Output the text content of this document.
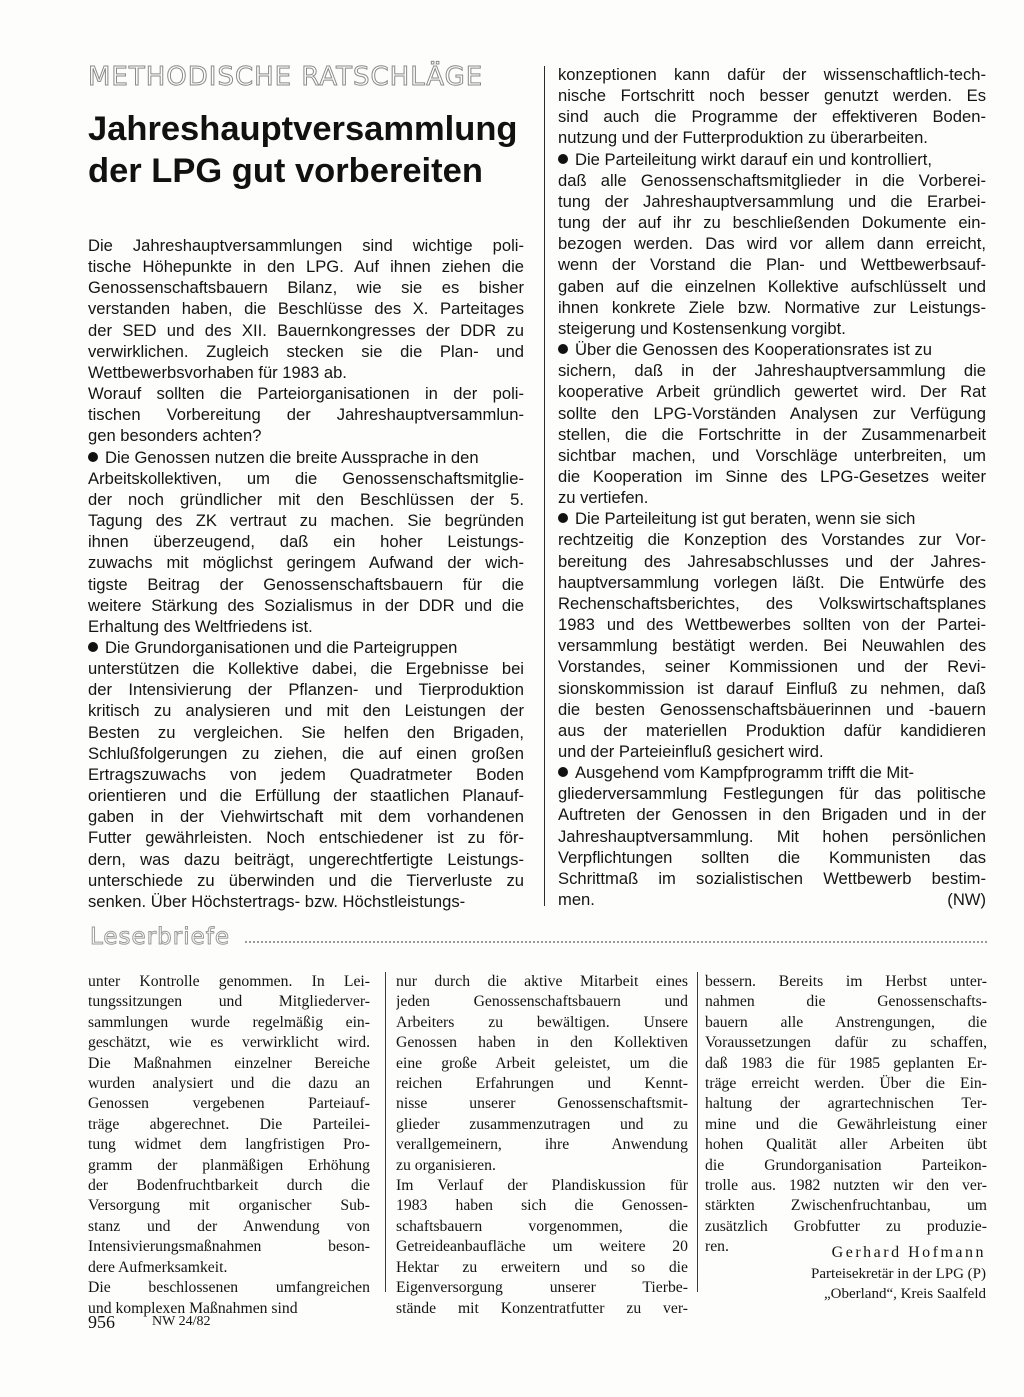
METHODISCHE RATSCHLÄGE
Jahreshauptversammlung
der LPG gut vorbereiten
Die Jahreshauptversammlungen sind wichtige poli-
tische Höhepunkte in den LPG. Auf ihnen ziehen die
Genossenschaftsbauern Bilanz, wie sie es bisher
verstanden haben, die Beschlüsse des X. Parteitages
der SED und des XII. Bauernkongresses der DDR zu
verwirklichen. Zugleich stecken sie die Plan- und
Wettbewerbsvorhaben für 1983 ab.
Worauf sollten die Parteiorganisationen in der poli-
tischen Vorbereitung der Jahreshauptversammlun-
gen besonders achten?
Die Genossen nutzen die breite Aussprache in den
Arbeitskollektiven, um die Genossenschaftsmitglie-
der noch gründlicher mit den Beschlüssen der 5.
Tagung des ZK vertraut zu machen. Sie begründen
ihnen überzeugend, daß ein hoher Leistungs-
zuwachs mit möglichst geringem Aufwand der wich-
tigste Beitrag der Genossenschaftsbauern für die
weitere Stärkung des Sozialismus in der DDR und die
Erhaltung des Weltfriedens ist.
Die Grundorganisationen und die Parteigruppen
unterstützen die Kollektive dabei, die Ergebnisse bei
der Intensivierung der Pflanzen- und Tierproduktion
kritisch zu analysieren und mit den Leistungen der
Besten zu vergleichen. Sie helfen den Brigaden,
Schlußfolgerungen zu ziehen, die auf einen großen
Ertragszuwachs von jedem Quadratmeter Boden
orientieren und die Erfüllung der staatlichen Planauf-
gaben in der Viehwirtschaft mit dem vorhandenen
Futter gewährleisten. Noch entschiedener ist zu för-
dern, was dazu beiträgt, ungerechtfertigte Leistungs-
unterschiede zu überwinden und die Tierverluste zu
senken. Über Höchstertrags- bzw. Höchstleistungs-
konzeptionen kann dafür der wissenschaftlich-tech-
nische Fortschritt noch besser genutzt werden. Es
sind auch die Programme der effektiveren Boden-
nutzung und der Futterproduktion zu überarbeiten.
Die Parteileitung wirkt darauf ein und kontrolliert,
daß alle Genossenschaftsmitglieder in die Vorberei-
tung der Jahreshauptversammlung und die Erarbei-
tung der auf ihr zu beschließenden Dokumente ein-
bezogen werden. Das wird vor allem dann erreicht,
wenn der Vorstand die Plan- und Wettbewerbsauf-
gaben auf die einzelnen Kollektive aufschlüsselt und
ihnen konkrete Ziele bzw. Normative zur Leistungs-
steigerung und Kostensenkung vorgibt.
Über die Genossen des Kooperationsrates ist zu
sichern, daß in der Jahreshauptversammlung die
kooperative Arbeit gründlich gewertet wird. Der Rat
sollte den LPG-Vorständen Analysen zur Verfügung
stellen, die die Fortschritte in der Zusammenarbeit
sichtbar machen, und Vorschläge unterbreiten, um
die Kooperation im Sinne des LPG-Gesetzes weiter
zu vertiefen.
Die Parteileitung ist gut beraten, wenn sie sich
rechtzeitig die Konzeption des Vorstandes zur Vor-
bereitung des Jahresabschlusses und der Jahres-
hauptversammlung vorlegen läßt. Die Entwürfe des
Rechenschaftsberichtes, des Volkswirtschaftsplanes
1983 und des Wettbewerbes sollten von der Partei-
versammlung bestätigt werden. Bei Neuwahlen des
Vorstandes, seiner Kommissionen und der Revi-
sionskommission ist darauf Einfluß zu nehmen, daß
die besten Genossenschaftsbäuerinnen und -bauern
aus der materiellen Produktion dafür kandidieren
und der Parteieinfluß gesichert wird.
Ausgehend vom Kampfprogramm trifft die Mit-
gliederversammlung Festlegungen für das politische
Auftreten der Genossen in den Brigaden und in der
Jahreshauptversammlung. Mit hohen persönlichen
Verpflichtungen sollten die Kommunisten das
Schrittmaß im sozialistischen Wettbewerb bestim-
men.	(NW)
Leserbriefe
unter Kontrolle genommen. In Lei-
tungssitzungen und Mitgliederver-
sammlungen wurde regelmäßig ein-
geschätzt, wie es verwirklicht wird.
Die Maßnahmen einzelner Bereiche
wurden analysiert und die dazu an
Genossen vergebenen Parteiauf-
träge abgerechnet. Die Parteilei-
tung widmet dem langfristigen Pro-
gramm der planmäßigen Erhöhung
der Bodenfruchtbarkeit durch die
Versorgung mit organischer Sub-
stanz und der Anwendung von
Intensivierungsmaßnahmen beson-
dere Aufmerksamkeit.
Die beschlossenen umfangreichen
und komplexen Maßnahmen sind
nur durch die aktive Mitarbeit eines
jeden Genossenschaftsbauern und
Arbeiters zu bewältigen. Unsere
Genossen haben in den Kollektiven
eine große Arbeit geleistet, um die
reichen Erfahrungen und Kennt-
nisse unserer Genossenschaftsmit-
glieder zusammenzutragen und zu
verallgemeinern, ihre Anwendung
zu organisieren.
Im Verlauf der Plandiskussion für
1983 haben sich die Genossen-
schaftsbauern vorgenommen, die
Getreideanbaufläche um weitere 20
Hektar zu erweitern und so die
Eigenversorgung unserer Tierbe-
stände mit Konzentratfutter zu ver-
bessern. Bereits im Herbst unter-
nahmen die Genossenschafts-
bauern alle Anstrengungen, die
Voraussetzungen dafür zu schaffen,
daß 1983 die für 1985 geplanten Er-
träge erreicht werden. Über die Ein-
haltung der agrartechnischen Ter-
mine und die Gewährleistung einer
hohen Qualität aller Arbeiten übt
die Grundorganisation Parteikon-
trolle aus. 1982 nutzten wir den ver-
stärkten Zwischenfruchtanbau, um
zusätzlich Grobfutter zu produzie-
ren.	Gerhard Hofmann
Parteisekretär in der LPG (P)
„Oberland“, Kreis Saalfeld
956	NW 24/82
